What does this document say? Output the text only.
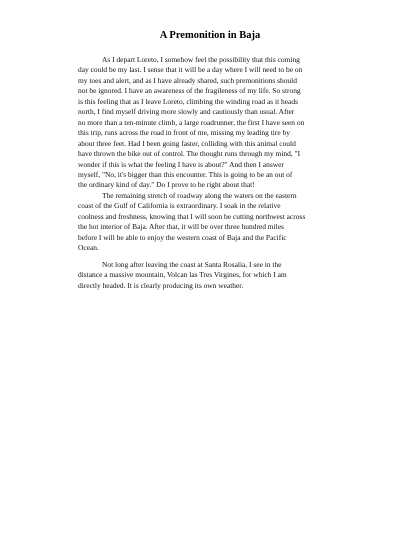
A Premonition in Baja
As I depart Loreto, I somehow feel the possibility that this coming
day could be my last. I sense that it will be a day where I will need to be on
my toes and alert, and as I have already shared, such premonitions should
not be ignored. I have an awareness of the fragileness of my life. So strong
is this feeling that as I leave Loreto, climbing the winding road as it heads
north, I find myself driving more slowly and cautiously than usual. After
no more than a ten-minute climb, a large roadrunner, the first I have seen on
this trip, runs across the road in front of me, missing my leading tire by
about three feet. Had I been going faster, colliding with this animal could
have thrown the bike out of control. The thought runs through my mind, "I
wonder if this is what the feeling I have is about?" And then I answer
myself, "No, it's bigger than this encounter. This is going to be an out of
the ordinary kind of day." Do I prove to be right about that!
The remaining stretch of roadway along the waters on the eastern
coast of the Gulf of California is extraordinary. I soak in the relative
coolness and freshness, knowing that I will soon be cutting northwest across
the hot interior of Baja. After that, it will be over three hundred miles
before I will be able to enjoy the western coast of Baja and the Pacific
Ocean.
Not long after leaving the coast at Santa Rosalia, I see in the
distance a massive mountain, Volcan las Tres Virgines, for which I am
directly headed. It is clearly producing its own weather.
